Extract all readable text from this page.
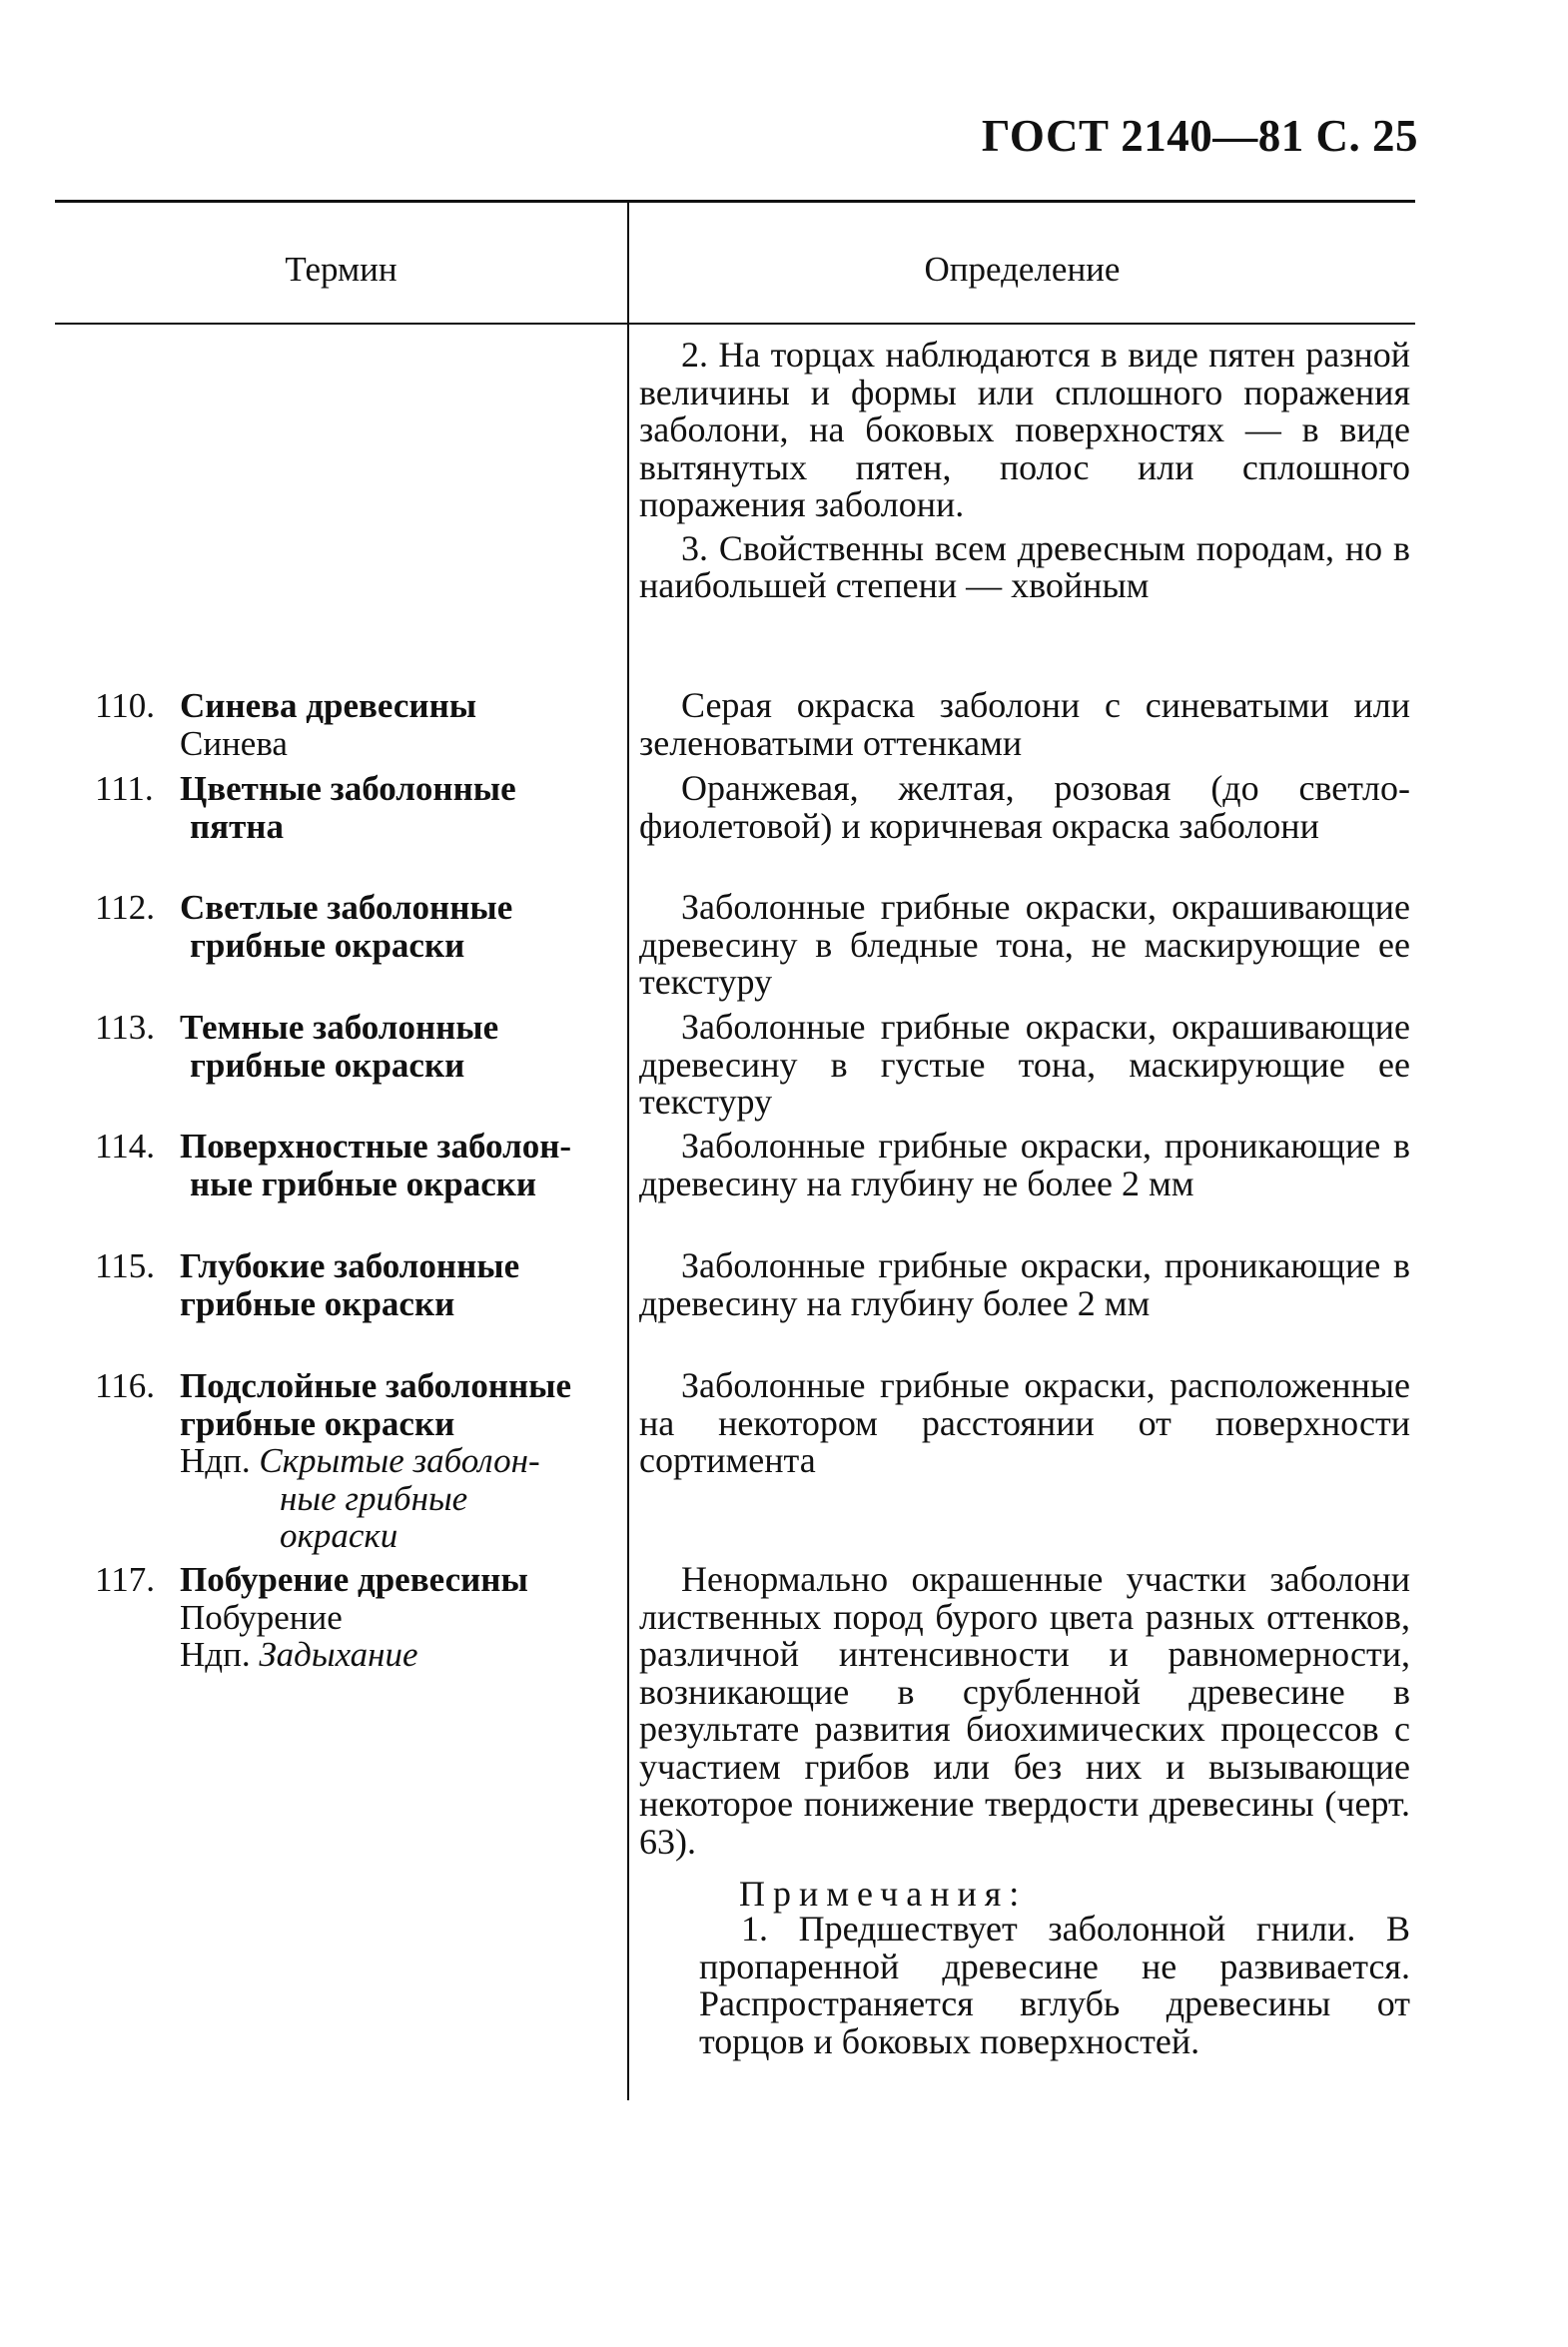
ГОСТ 2140—81 С. 25
Термин	Определение

2. На торцах наблюдаются в виде пятен разной величины и формы или сплошного поражения заболони, на боковых поверхностях — в виде вытянутых пятен, полос или сплошного поражения заболони.

3. Свойственны всем древесным породам, но в наибольшей степени — хвойным

110. Синева древесины
Синева

Серая окраска заболони с синеватыми или зеленоватыми оттенками

111. Цветные заболонные
пятна

Оранжевая, желтая, розовая (до светло-фиолетовой) и коричневая окраска заболони

112. Светлые заболонные
грибные окраски

Заболонные грибные окраски, окрашивающие древесину в бледные тона, не маскирующие ее текстуру

113. Темные заболонные
грибные окраски

Заболонные грибные окраски, окрашивающие древесину в густые тона, маскирующие ее текстуру

114. Поверхностные заболон-
ные грибные окраски

Заболонные грибные окраски, проникающие в древесину на глубину не более 2 мм

115. Глубокие заболонные
грибные окраски

Заболонные грибные окраски, проникающие в древесину на глубину более 2 мм

116. Подслойные заболонные
грибные окраски
Ндп. Скрытые заболон-
ные грибные
окраски

Заболонные грибные окраски, расположенные на некотором расстоянии от поверхности сортимента

117. Побурение древесины
Побурение
Ндп. Задыхание

Ненормально окрашенные участки заболони лиственных пород бурого цвета разных оттенков, различной интенсивности и равномерности, возникающие в срубленной древесине в результате развития биохимических процессов с участием грибов или без них и вызывающие некоторое понижение твердости древесины (черт. 63).

Примечания:

1. Предшествует заболонной гнили. В пропаренной древесине не развивается. Распространяется вглубь древесины от торцов и боковых поверхностей.
